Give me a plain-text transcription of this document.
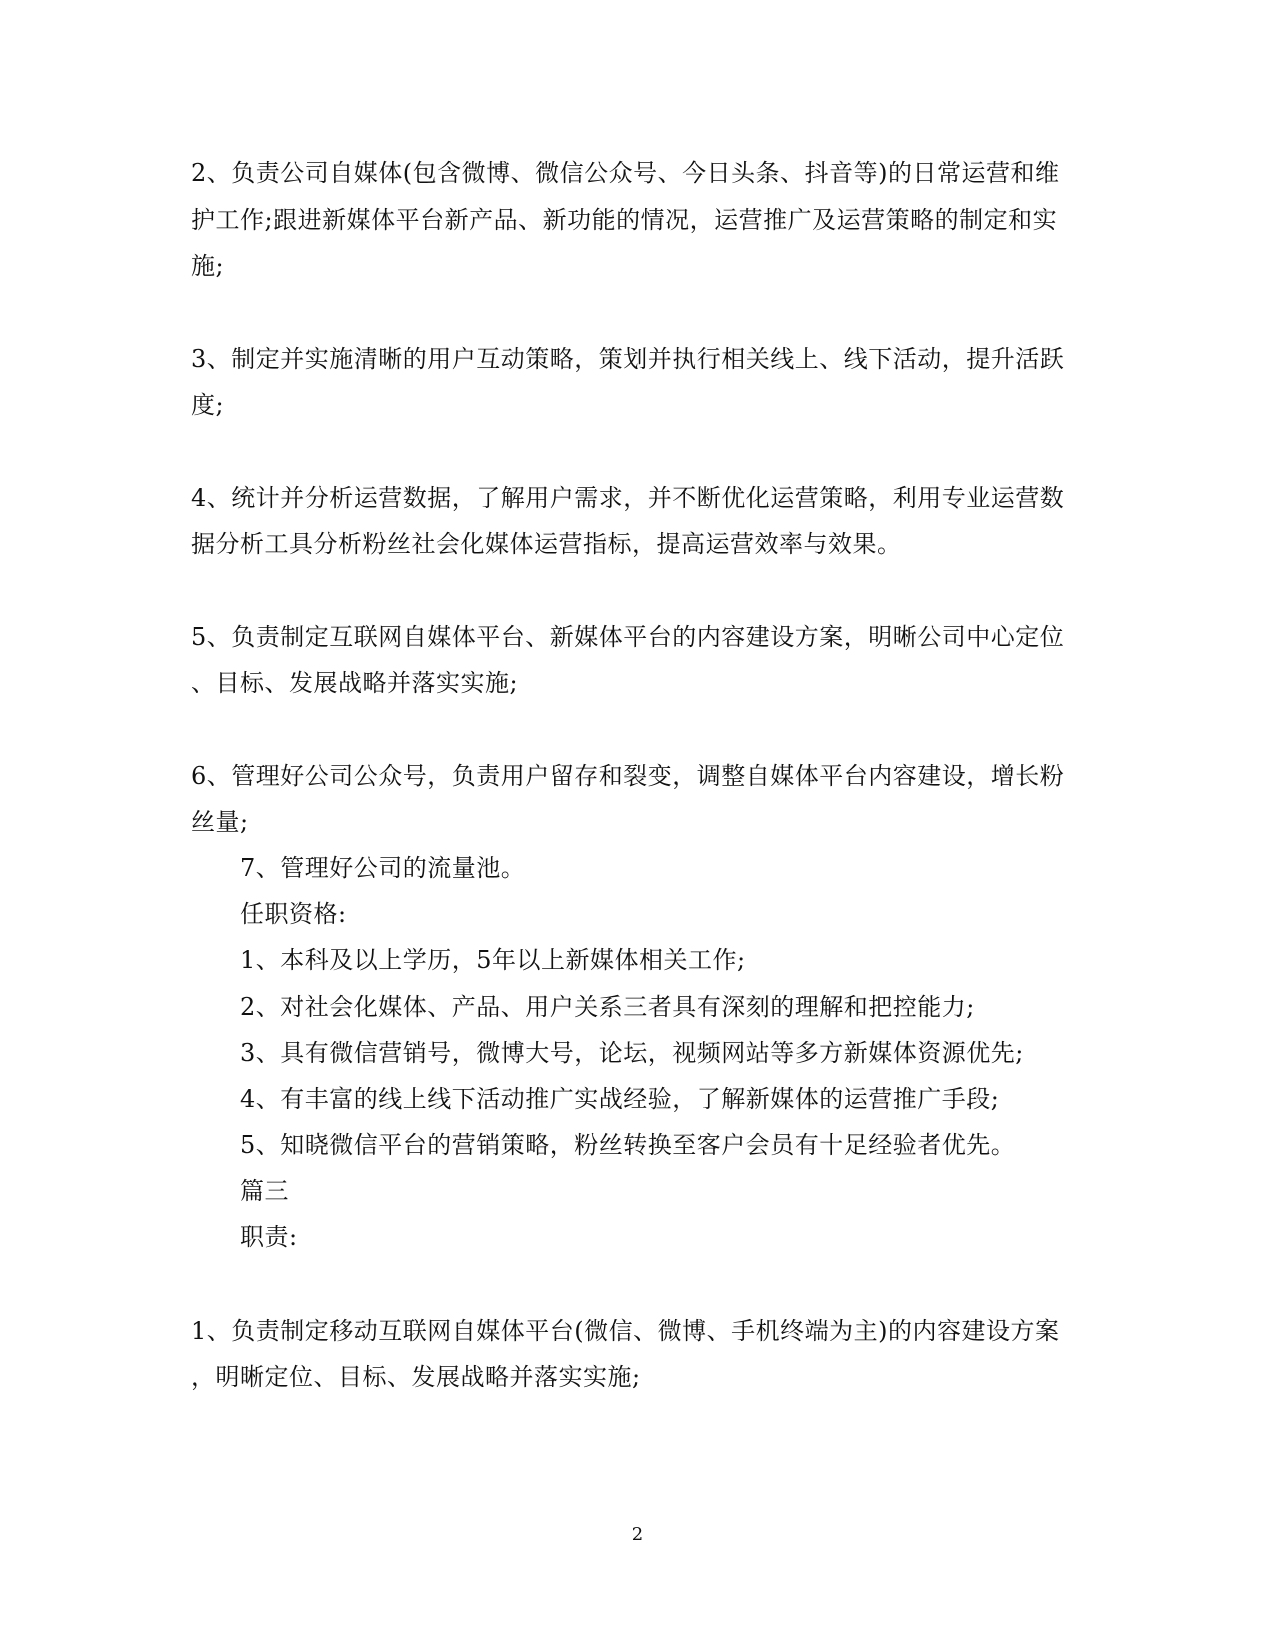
2、负责公司自媒体(包含微博、微信公众号、今日头条、抖音等)的日常运营和维
护工作;跟进新媒体平台新产品、新功能的情况，运营推广及运营策略的制定和实
施;
3、制定并实施清晰的用户互动策略，策划并执行相关线上、线下活动，提升活跃
度;
4、统计并分析运营数据，了解用户需求，并不断优化运营策略，利用专业运营数
据分析工具分析粉丝社会化媒体运营指标，提高运营效率与效果。
5、负责制定互联网自媒体平台、新媒体平台的内容建设方案，明晰公司中心定位
、目标、发展战略并落实实施;
6、管理好公司公众号，负责用户留存和裂变，调整自媒体平台内容建设，增长粉
丝量;
7、管理好公司的流量池。
任职资格:
1、本科及以上学历，5年以上新媒体相关工作;
2、对社会化媒体、产品、用户关系三者具有深刻的理解和把控能力;
3、具有微信营销号，微博大号，论坛，视频网站等多方新媒体资源优先;
4、有丰富的线上线下活动推广实战经验，了解新媒体的运营推广手段;
5、知晓微信平台的营销策略，粉丝转换至客户会员有十足经验者优先。
篇三
职责:
1、负责制定移动互联网自媒体平台(微信、微博、手机终端为主)的内容建设方案
，明晰定位、目标、发展战略并落实实施;
2
